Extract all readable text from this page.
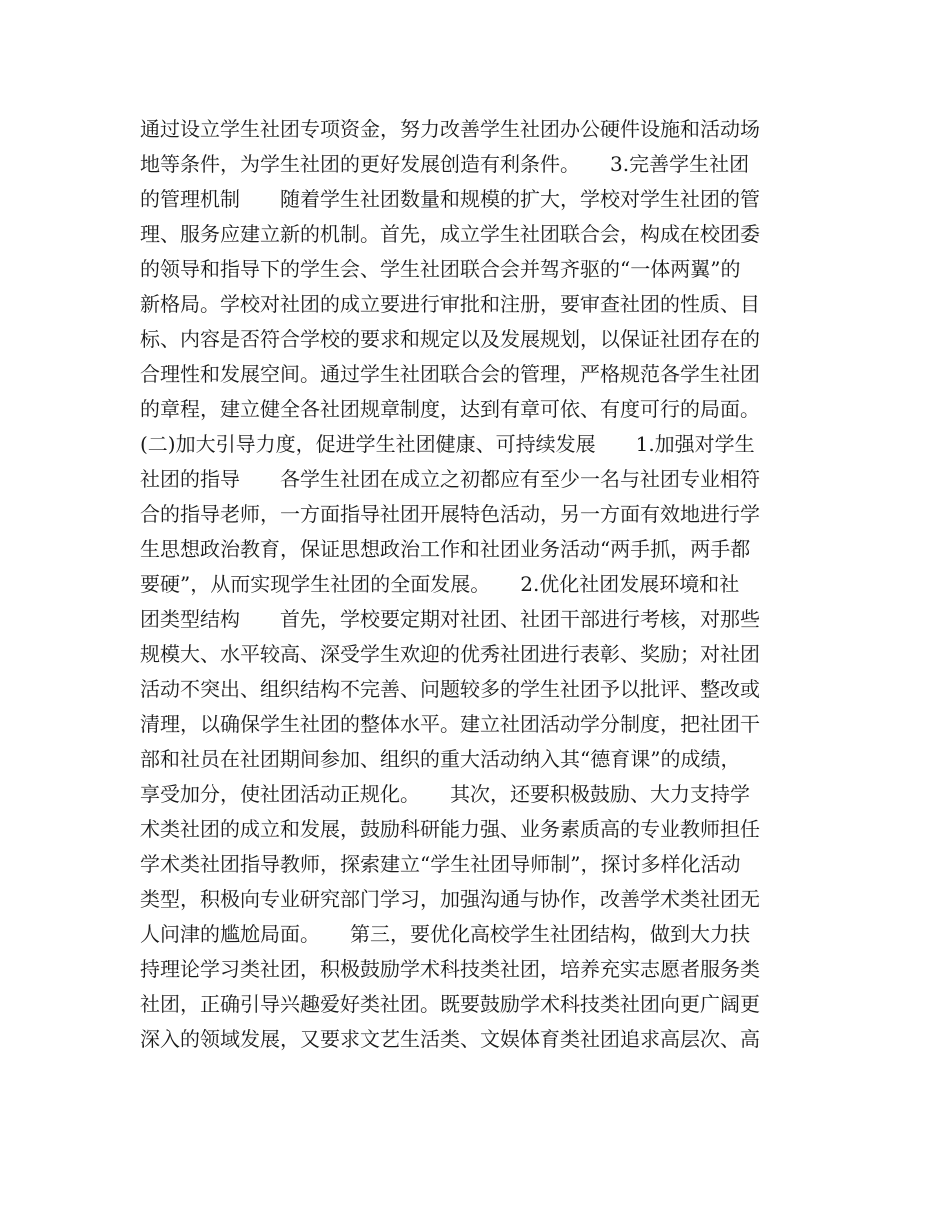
通过设立学生社团专项资金，努力改善学生社团办公硬件设施和活动场
地等条件，为学生社团的更好发展创造有利条件。　　3.完善学生社团
的管理机制　　随着学生社团数量和规模的扩大，学校对学生社团的管
理、服务应建立新的机制。首先，成立学生社团联合会，构成在校团委
的领导和指导下的学生会、学生社团联合会并驾齐驱的“一体两翼”的
新格局。学校对社团的成立要进行审批和注册，要审查社团的性质、目
标、内容是否符合学校的要求和规定以及发展规划，以保证社团存在的
合理性和发展空间。通过学生社团联合会的管理，严格规范各学生社团
的章程，建立健全各社团规章制度，达到有章可依、有度可行的局面。
(二)加大引导力度，促进学生社团健康、可持续发展　　1.加强对学生
社团的指导　　各学生社团在成立之初都应有至少一名与社团专业相符
合的指导老师，一方面指导社团开展特色活动，另一方面有效地进行学
生思想政治教育，保证思想政治工作和社团业务活动“两手抓，两手都
要硬”，从而实现学生社团的全面发展。　　2.优化社团发展环境和社
团类型结构　　首先，学校要定期对社团、社团干部进行考核，对那些
规模大、水平较高、深受学生欢迎的优秀社团进行表彰、奖励；对社团
活动不突出、组织结构不完善、问题较多的学生社团予以批评、整改或
清理，以确保学生社团的整体水平。建立社团活动学分制度，把社团干
部和社员在社团期间参加、组织的重大活动纳入其“德育课”的成绩，
享受加分，使社团活动正规化。　　其次，还要积极鼓励、大力支持学
术类社团的成立和发展，鼓励科研能力强、业务素质高的专业教师担任
学术类社团指导教师，探索建立“学生社团导师制”，探讨多样化活动
类型，积极向专业研究部门学习，加强沟通与协作，改善学术类社团无
人问津的尴尬局面。　　第三，要优化高校学生社团结构，做到大力扶
持理论学习类社团，积极鼓励学术科技类社团，培养充实志愿者服务类
社团，正确引导兴趣爱好类社团。既要鼓励学术科技类社团向更广阔更
深入的领域发展，又要求文艺生活类、文娱体育类社团追求高层次、高
